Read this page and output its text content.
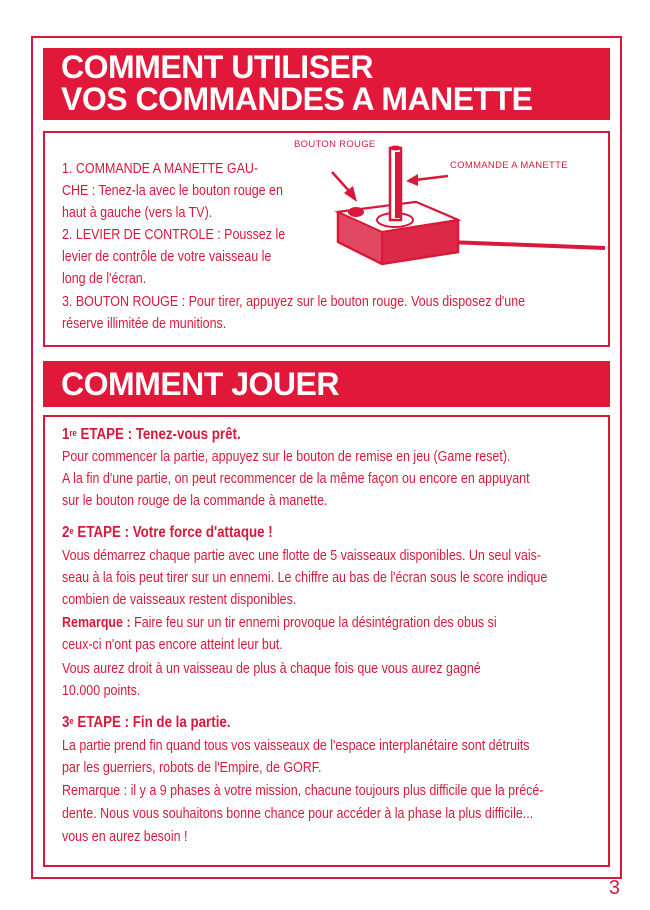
COMMENT UTILISER
VOS COMMANDES A MANETTE
BOUTON ROUGE
COMMANDE A MANETTE
1. COMMANDE A MANETTE GAU-
CHE : Tenez-la avec le bouton rouge en
haut à gauche (vers la TV).
2. LEVIER DE CONTROLE : Poussez le
levier de contrôle de votre vaisseau le
long de l'écran.
3. BOUTON ROUGE : Pour tirer, appuyez sur le bouton rouge. Vous disposez d'une
réserve illimitée de munitions.
COMMENT JOUER
1re ETAPE : Tenez-vous prêt.
Pour commencer la partie, appuyez sur le bouton de remise en jeu (Game reset).
A la fin d'une partie, on peut recommencer de la même façon ou encore en appuyant
sur le bouton rouge de la commande à manette.
2e ETAPE : Votre force d'attaque !
Vous démarrez chaque partie avec une flotte de 5 vaisseaux disponibles. Un seul vais-
seau à la fois peut tirer sur un ennemi. Le chiffre au bas de l'écran sous le score indique
combien de vaisseaux restent disponibles.
Remarque : Faire feu sur un tir ennemi provoque la désintégration des obus si
ceux-ci n'ont pas encore atteint leur but.
Vous aurez droit à un vaisseau de plus à chaque fois que vous aurez gagné
10.000 points.
3e ETAPE : Fin de la partie.
La partie prend fin quand tous vos vaisseaux de l'espace interplanétaire sont détruits
par les guerriers, robots de l'Empire, de GORF.
Remarque : il y a 9 phases à votre mission, chacune toujours plus difficile que la précé-
dente. Nous vous souhaitons bonne chance pour accéder à la phase la plus difficile...
vous en aurez besoin !
3
